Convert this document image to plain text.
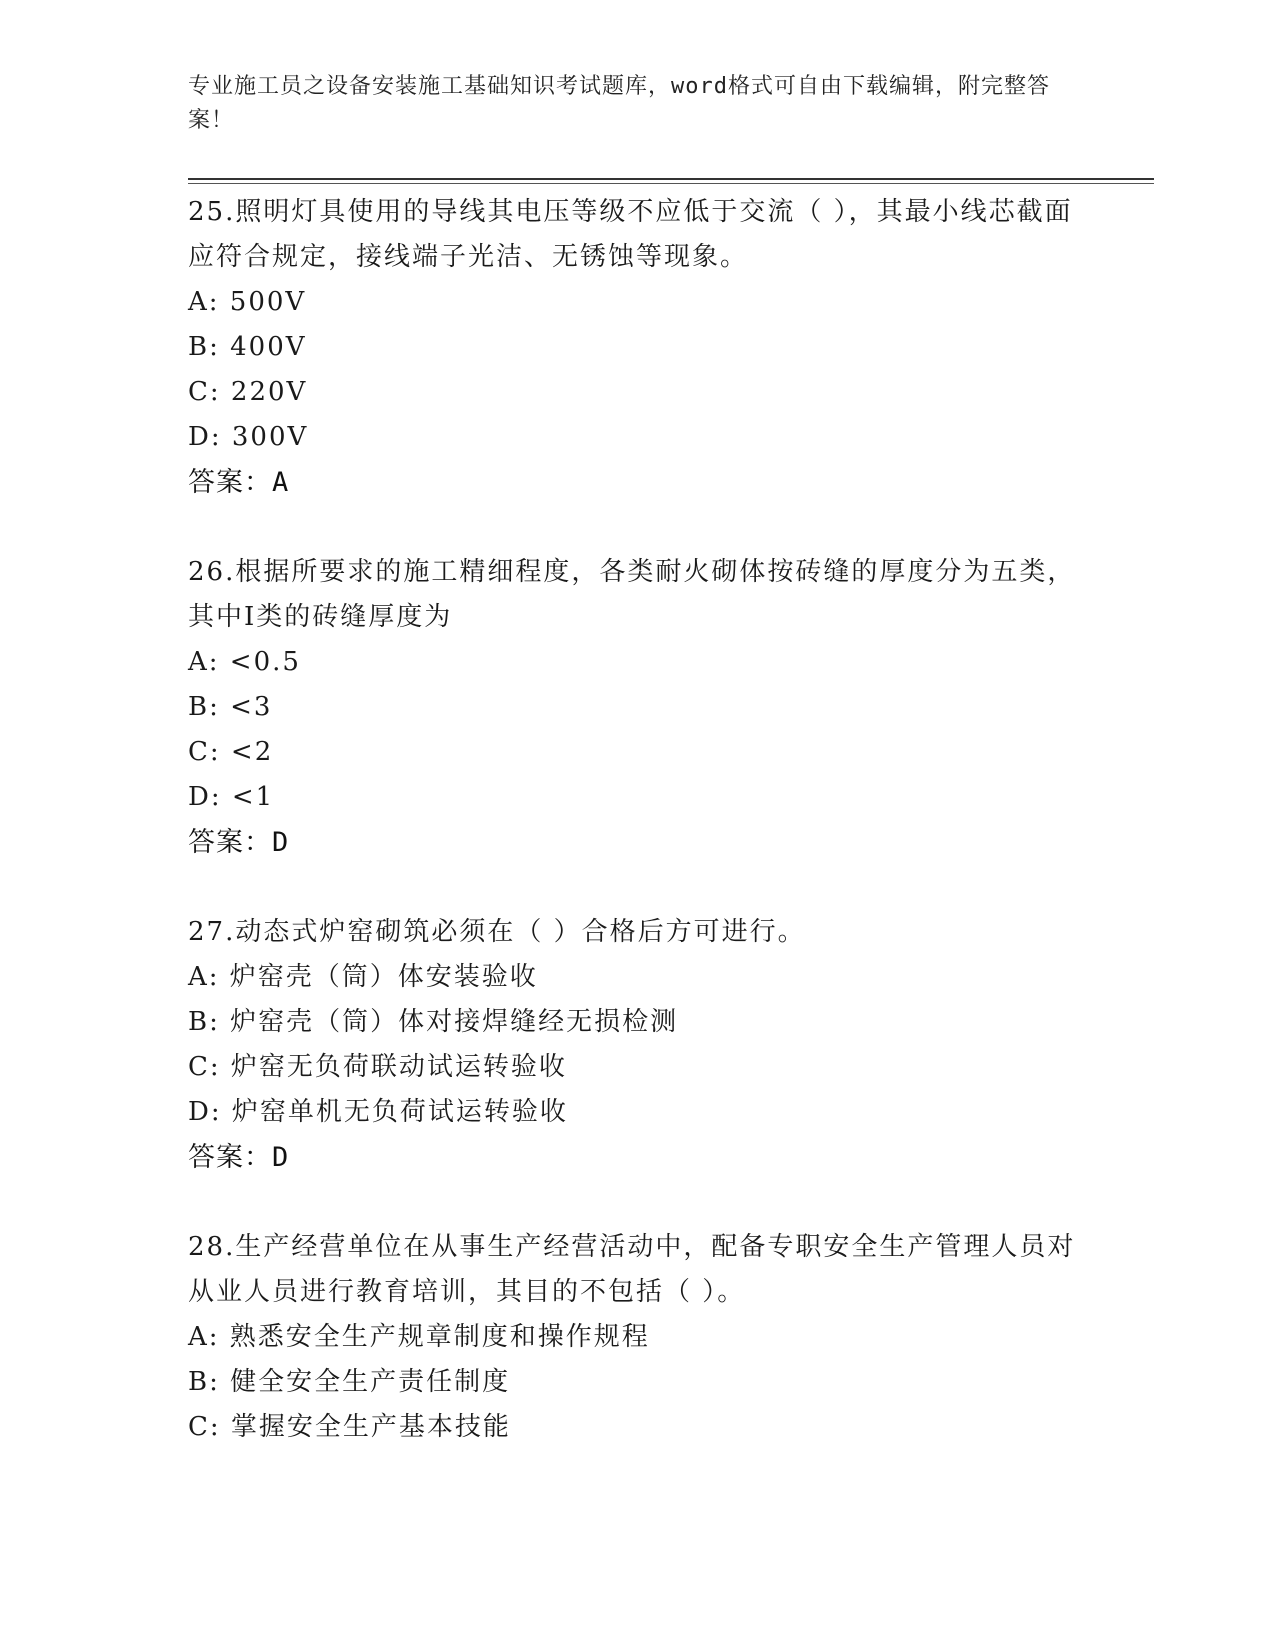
专业施工员之设备安装施工基础知识考试题库，word格式可自由下载编辑，附完整答案！

25.照明灯具使用的导线其电压等级不应低于交流（ ），其最小线芯截面应符合规定，接线端子光洁、无锈蚀等现象。

A: 500V

B: 400V

C: 220V

D: 300V

答案：A

26.根据所要求的施工精细程度，各类耐火砌体按砖缝的厚度分为五类，其中Ⅰ类的砖缝厚度为

A: <0.5

B: <3

C: <2

D: <1

答案：D

27.动态式炉窑砌筑必须在（ ）合格后方可进行。

A: 炉窑壳（筒）体安装验收

B: 炉窑壳（筒）体对接焊缝经无损检测

C: 炉窑无负荷联动试运转验收

D: 炉窑单机无负荷试运转验收

答案：D

28.生产经营单位在从事生产经营活动中，配备专职安全生产管理人员对从业人员进行教育培训，其目的不包括（ ）。

A: 熟悉安全生产规章制度和操作规程

B: 健全安全生产责任制度

C: 掌握安全生产基本技能
